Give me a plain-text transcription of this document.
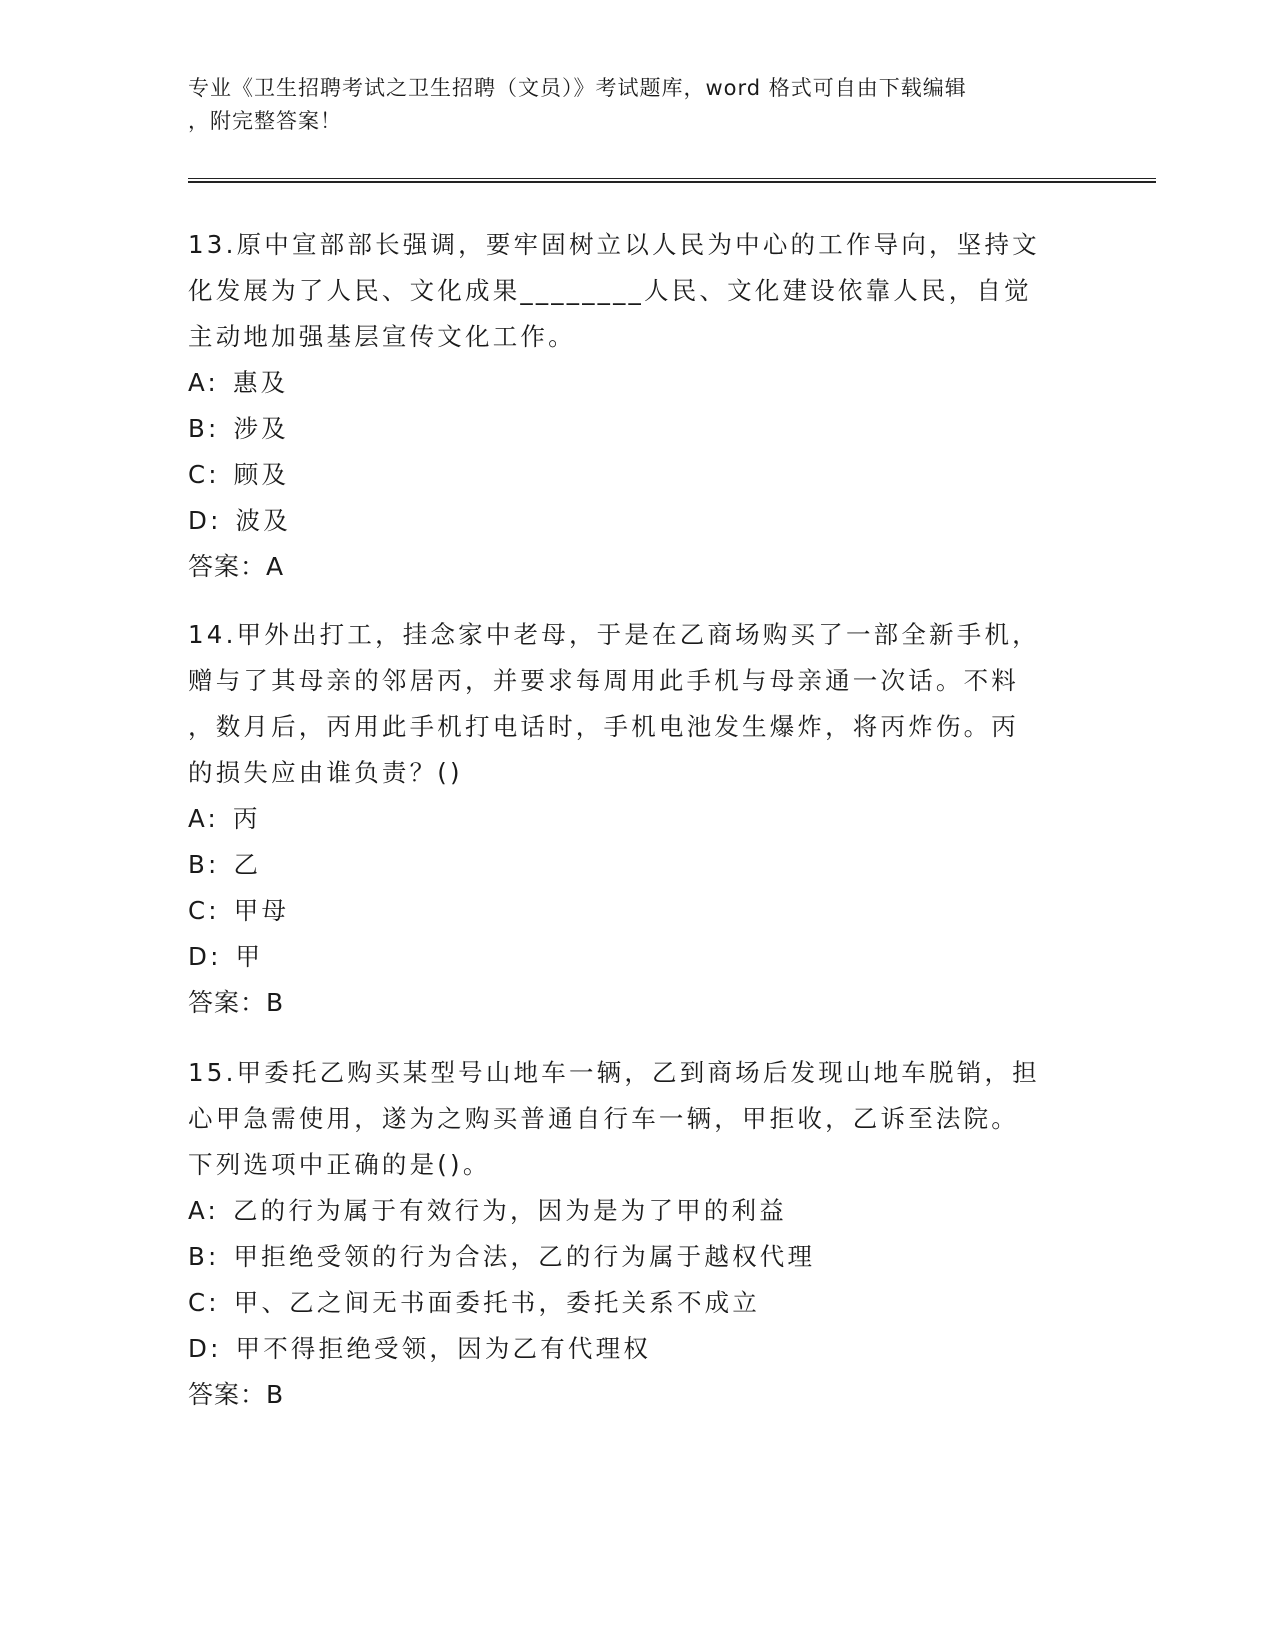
专业《卫生招聘考试之卫生招聘（文员）》考试题库，word 格式可自由下载编辑
，附完整答案！
13.原中宣部部长强调，要牢固树立以人民为中心的工作导向，坚持文
化发展为了人民、文化成果________人民、文化建设依靠人民，自觉
主动地加强基层宣传文化工作。
A: 惠及
B: 涉及
C: 顾及
D: 波及
答案：A
14.甲外出打工，挂念家中老母，于是在乙商场购买了一部全新手机，
赠与了其母亲的邻居丙，并要求每周用此手机与母亲通一次话。不料
，数月后，丙用此手机打电话时，手机电池发生爆炸，将丙炸伤。丙
的损失应由谁负责？()
A: 丙
B: 乙
C: 甲母
D: 甲
答案：B
15.甲委托乙购买某型号山地车一辆，乙到商场后发现山地车脱销，担
心甲急需使用，遂为之购买普通自行车一辆，甲拒收，乙诉至法院。
下列选项中正确的是()。
A: 乙的行为属于有效行为，因为是为了甲的利益
B: 甲拒绝受领的行为合法，乙的行为属于越权代理
C: 甲、乙之间无书面委托书，委托关系不成立
D: 甲不得拒绝受领，因为乙有代理权
答案：B
